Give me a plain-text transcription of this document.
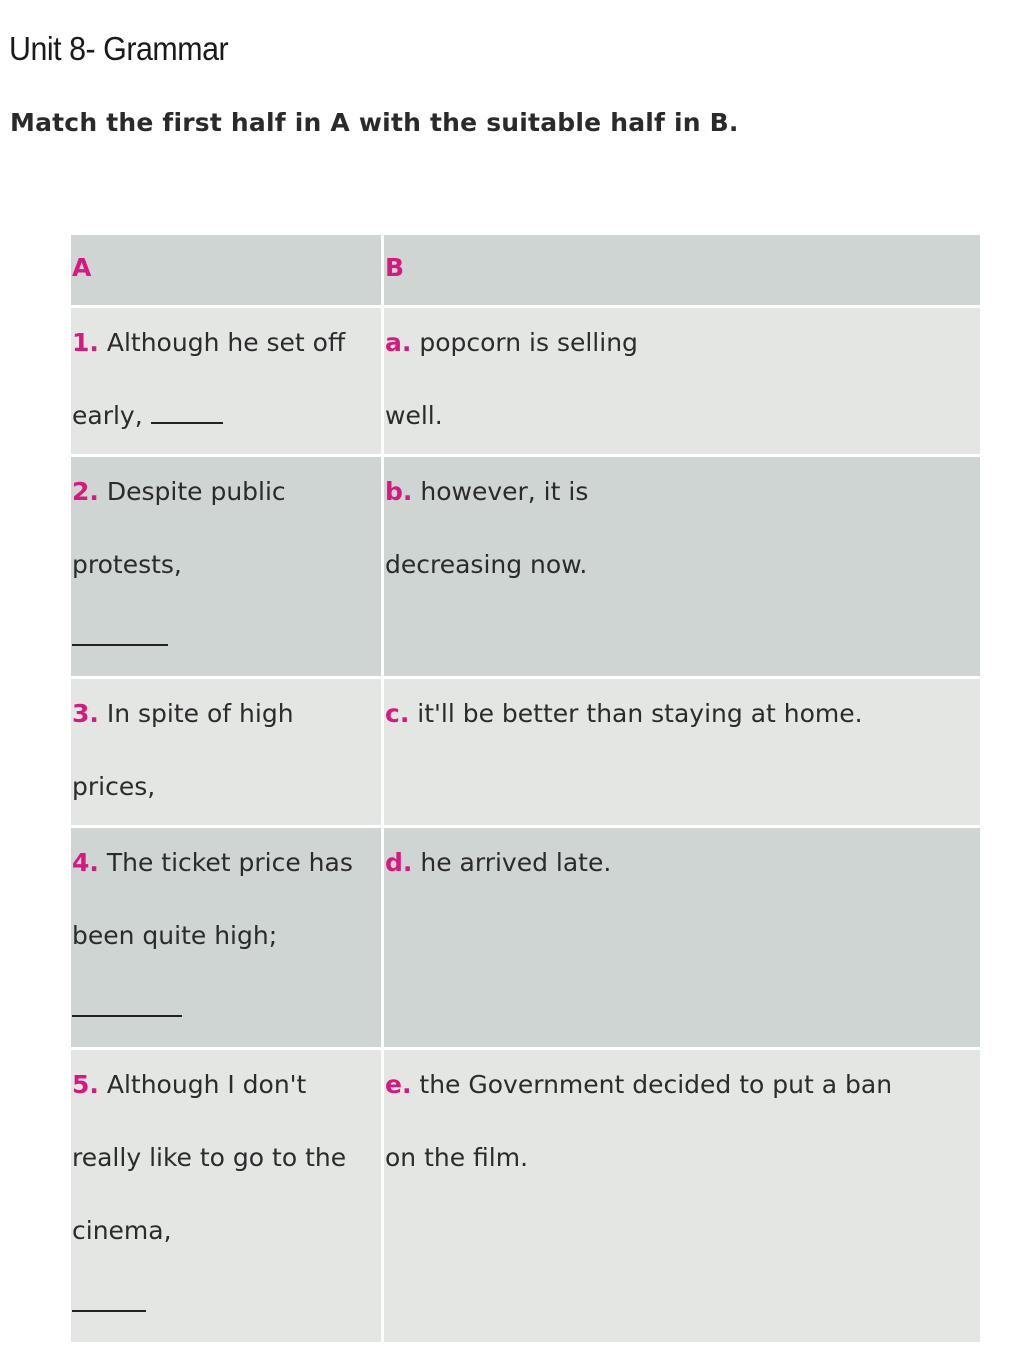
Unit 8- Grammar

Match the first half in A with the suitable half in B.

A	B

1. Although he set off
early,	a. popcorn is selling
well.

2. Despite public
protests,	b. however, it is
decreasing now.

3. In spite of high
prices,	c. it'll be better than staying at home.

4. The ticket price has
been quite high;	d. he arrived late.

5. Although I don't
really like to go to the
cinema,	e. the Government decided to put a ban
on the film.
